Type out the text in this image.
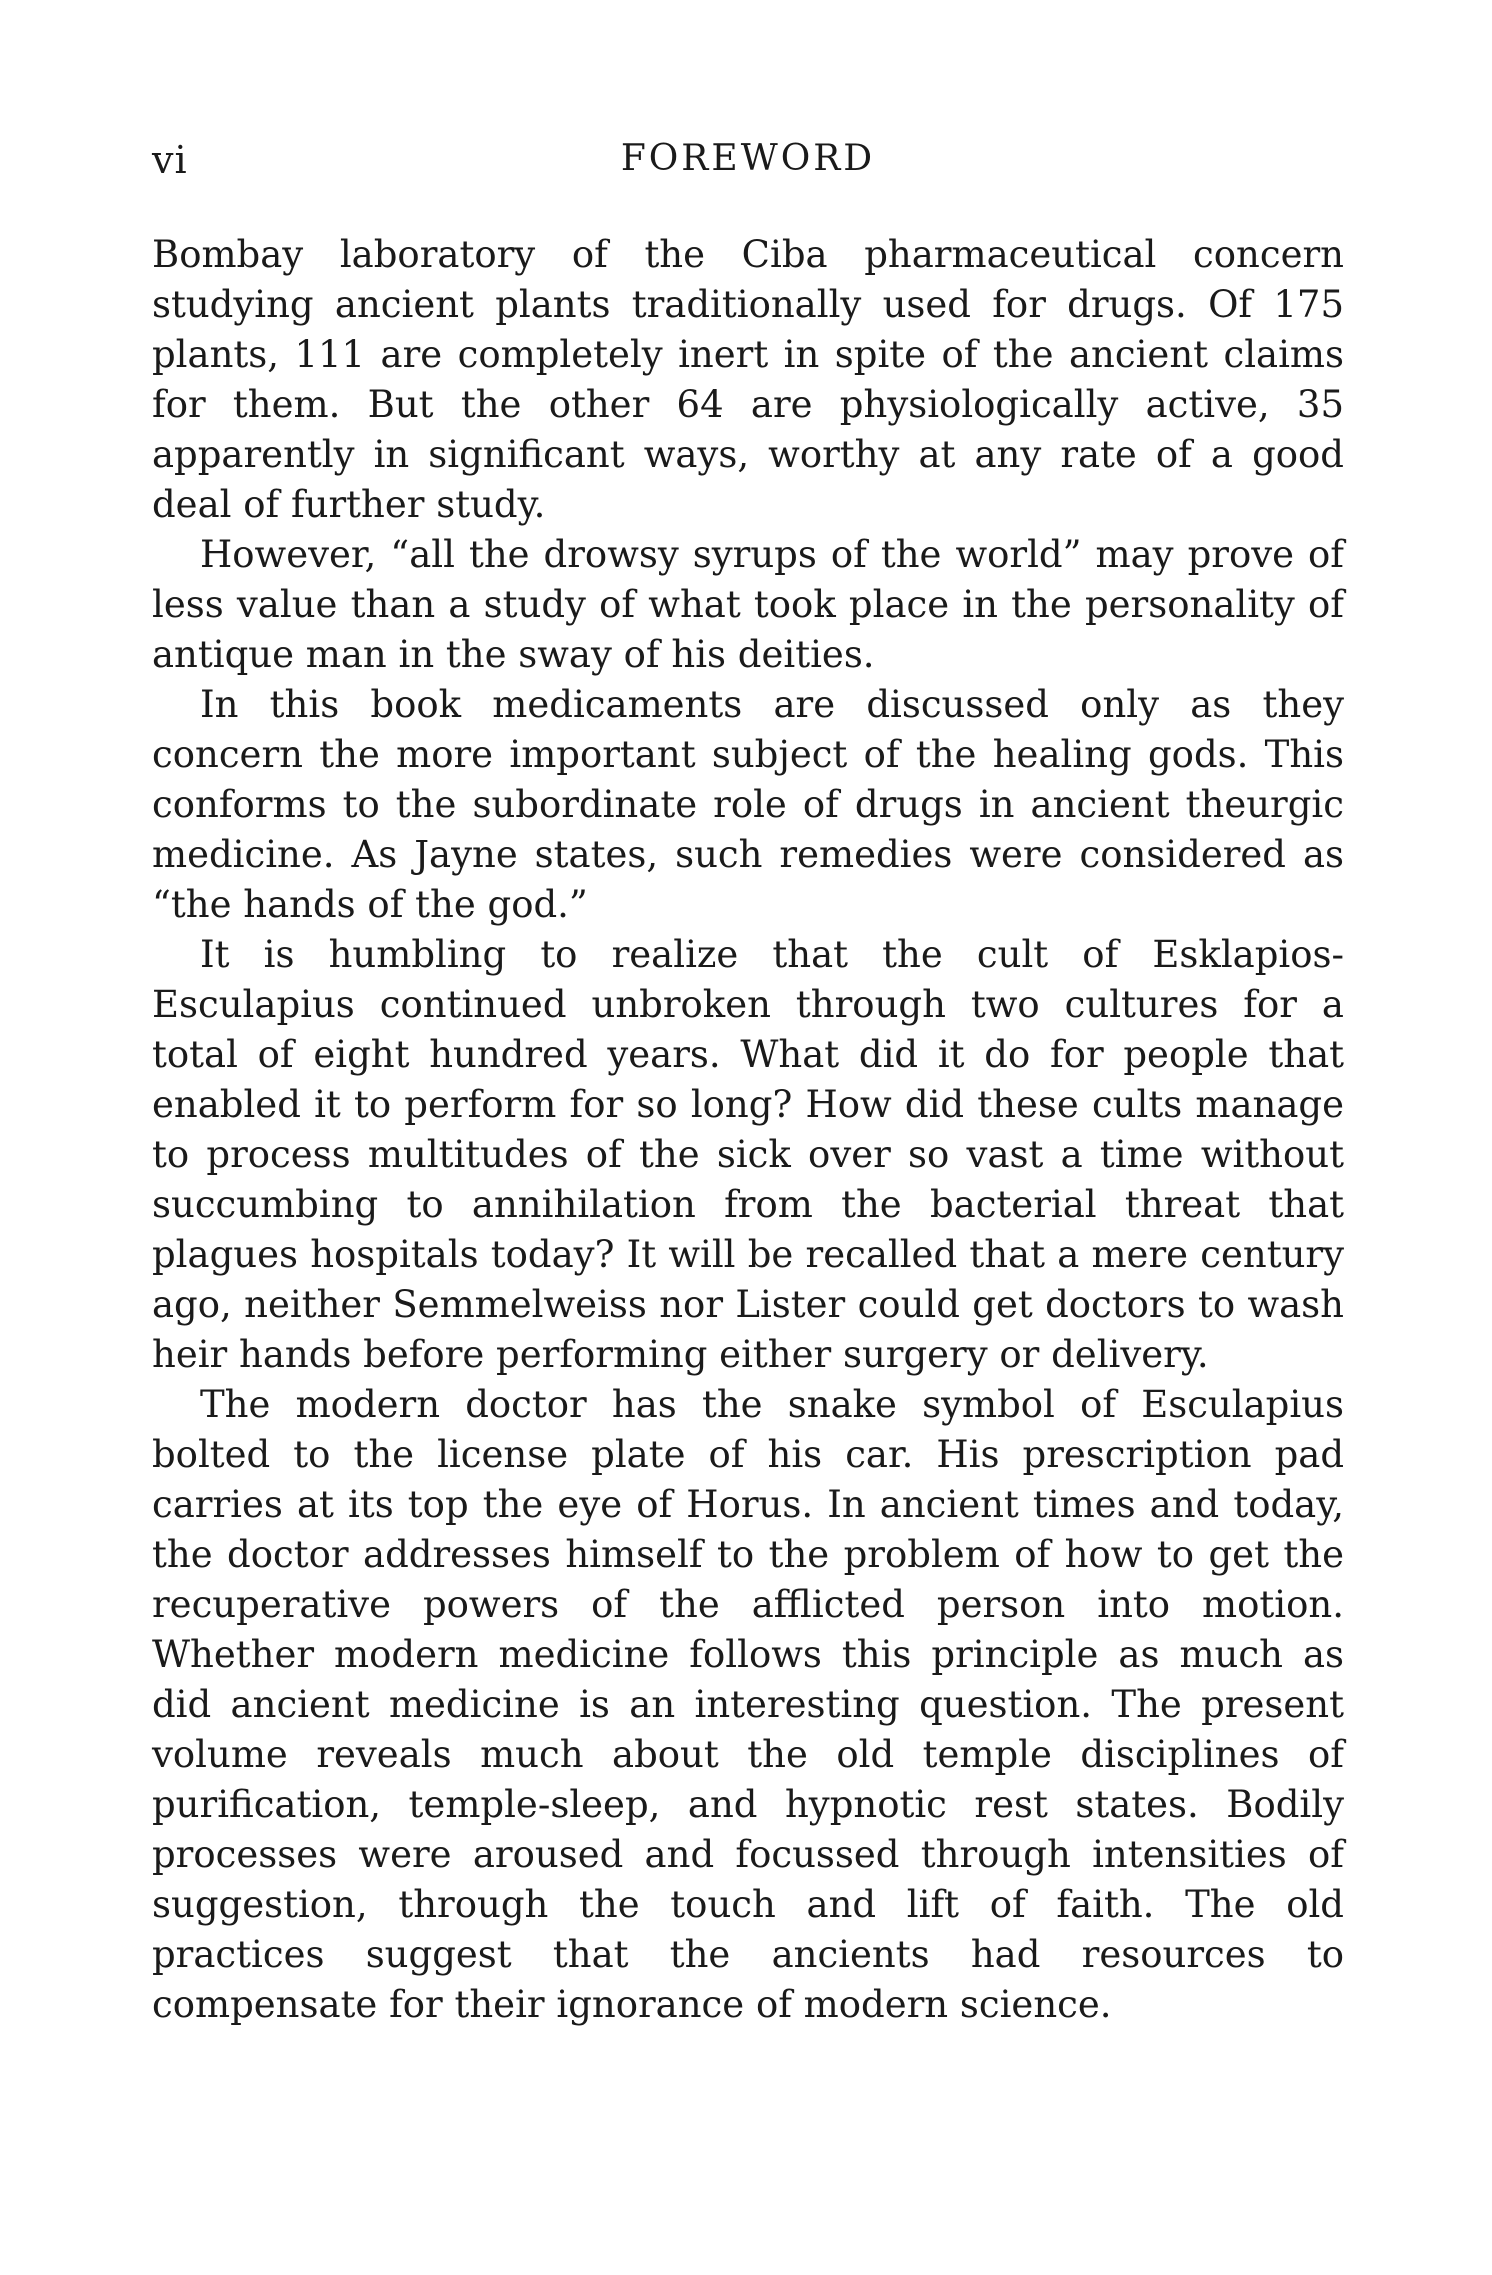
vi	FOREWORD

Bombay laboratory of the Ciba pharmaceutical concern studying ancient plants traditionally used for drugs. Of 175 plants, 111 are completely inert in spite of the ancient claims for them. But the other 64 are physiologically active, 35 apparently in significant ways, worthy at any rate of a good deal of further study.

However, “all the drowsy syrups of the world” may prove of less value than a study of what took place in the personality of antique man in the sway of his deities.

In this book medicaments are discussed only as they concern the more important subject of the healing gods. This conforms to the subordinate role of drugs in ancient theurgic medicine. As Jayne states, such remedies were considered as “the hands of the god.”

It is humbling to realize that the cult of Esklapios-Esculapius continued unbroken through two cultures for a total of eight hundred years. What did it do for people that enabled it to perform for so long? How did these cults manage to process multitudes of the sick over so vast a time without succumbing to annihilation from the bacterial threat that plagues hospitals today? It will be recalled that a mere century ago, neither Semmelweiss nor Lister could get doctors to wash heir hands before performing either surgery or delivery.

The modern doctor has the snake symbol of Esculapius bolted to the license plate of his car. His prescription pad carries at its top the eye of Horus. In ancient times and today, the doctor addresses himself to the problem of how to get the recuperative powers of the afflicted person into motion. Whether modern medicine follows this principle as much as did ancient medicine is an interesting question. The present volume reveals much about the old temple disciplines of purification, temple-sleep, and hypnotic rest states. Bodily processes were aroused and focussed through intensities of suggestion, through the touch and lift of faith. The old practices suggest that the ancients had resources to compensate for their ignorance of modern science.
